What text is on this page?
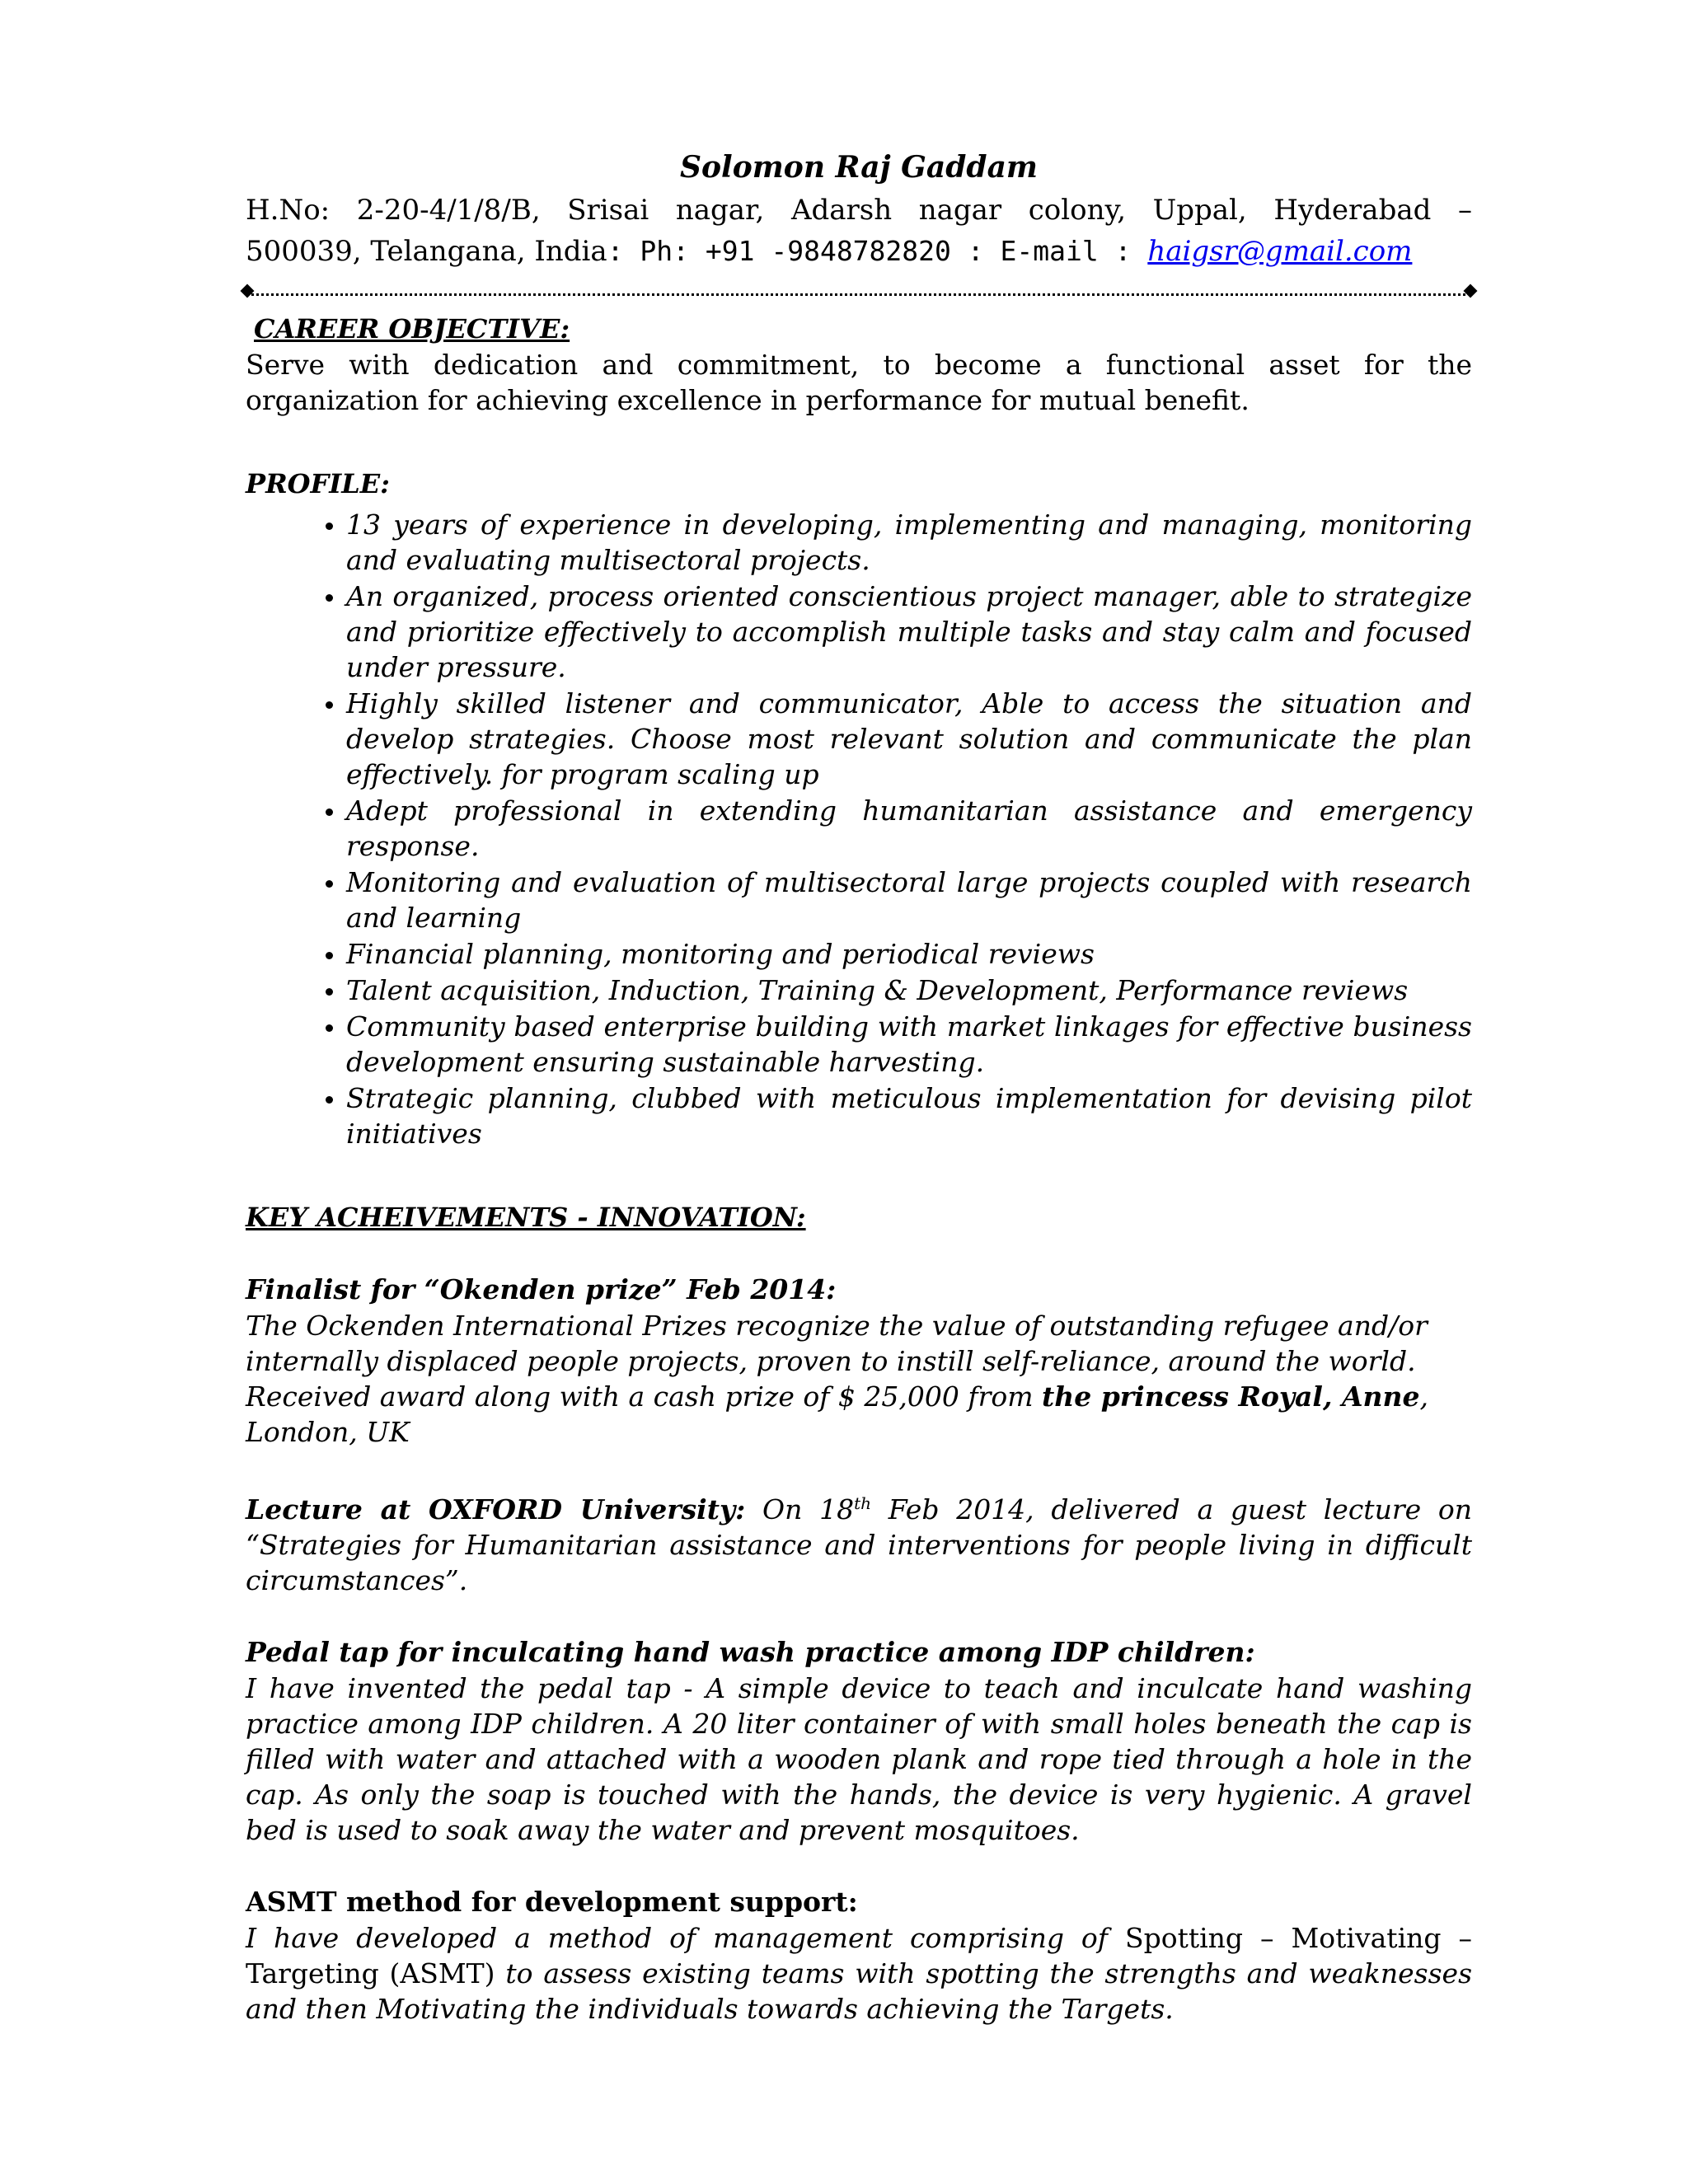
Solomon Raj Gaddam
H.No: 2-20-4/1/8/B, Srisai nagar, Adarsh nagar colony, Uppal, Hyderabad –
500039, Telangana, India: Ph: +91 -9848782820 : E-mail : haigsr@gmail.com

CAREER OBJECTIVE:

Serve with dedication and commitment, to become a functional asset for the organization for achieving excellence in performance for mutual benefit.

PROFILE:

• 13 years of experience in developing, implementing and managing, monitoring and evaluating multisectoral projects.
• An organized, process oriented conscientious project manager, able to strategize and prioritize effectively to accomplish multiple tasks and stay calm and focused under pressure.
• Highly skilled listener and communicator, Able to access the situation and develop strategies. Choose most relevant solution and communicate the plan effectively. for program scaling up
• Adept professional in extending humanitarian assistance and emergency response.
• Monitoring and evaluation of multisectoral large projects coupled with research and learning
• Financial planning, monitoring and periodical reviews
• Talent acquisition, Induction, Training & Development, Performance reviews
• Community based enterprise building with market linkages for effective business development ensuring sustainable harvesting.
• Strategic planning, clubbed with meticulous implementation for devising pilot initiatives

KEY ACHEIVEMENTS - INNOVATION:

Finalist for “Okenden prize” Feb 2014:

The Ockenden International Prizes recognize the value of outstanding refugee and/or internally displaced people projects, proven to instill self-reliance, around the world. Received award along with a cash prize of $ 25,000 from the princess Royal, Anne, London, UK

Lecture at OXFORD University: On 18th Feb 2014, delivered a guest lecture on “Strategies for Humanitarian assistance and interventions for people living in difficult circumstances”.

Pedal tap for inculcating hand wash practice among IDP children:

I have invented the pedal tap - A simple device to teach and inculcate hand washing practice among IDP children. A 20 liter container of with small holes beneath the cap is filled with water and attached with a wooden plank and rope tied through a hole in the cap. As only the soap is touched with the hands, the device is very hygienic. A gravel bed is used to soak away the water and prevent mosquitoes.

ASMT method for development support:

I have developed a method of management comprising of Spotting – Motivating – Targeting (ASMT) to assess existing teams with spotting the strengths and weaknesses and then Motivating the individuals towards achieving the Targets.
